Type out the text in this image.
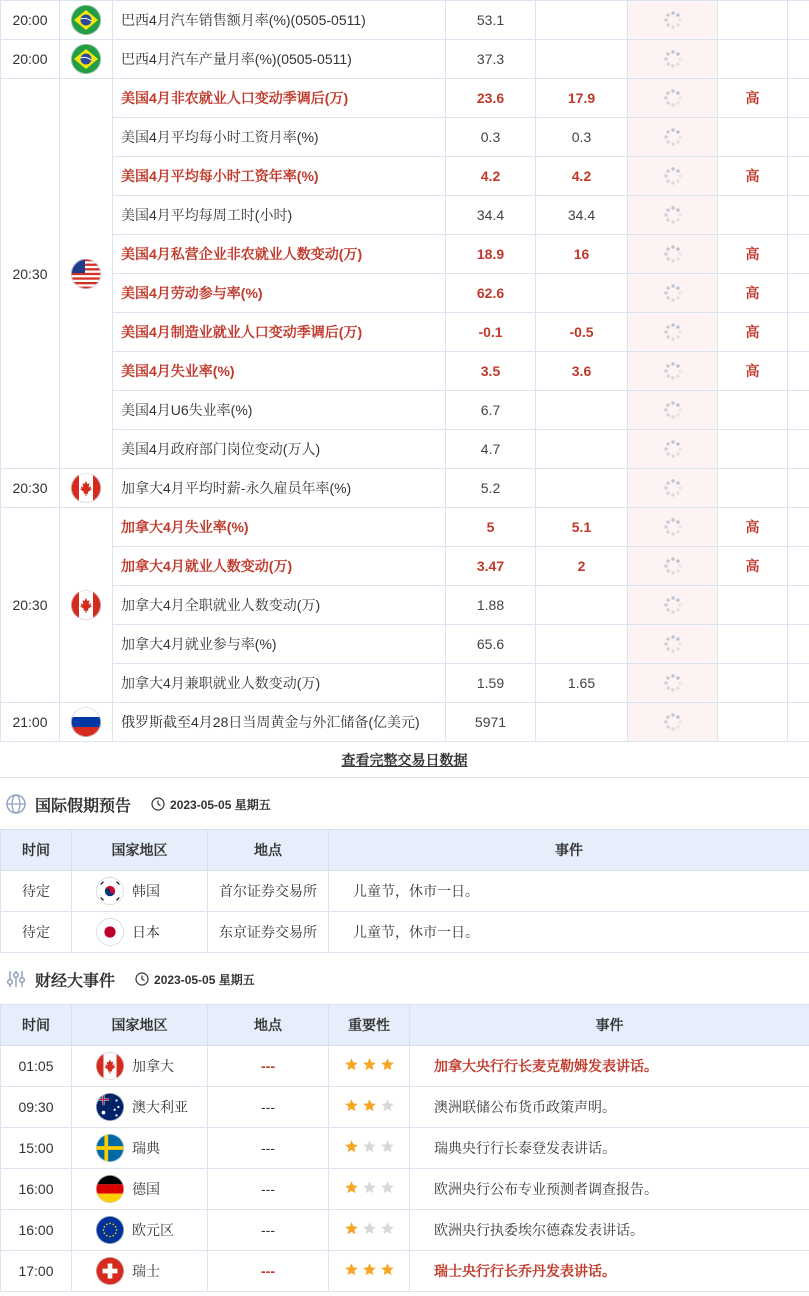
20:00		巴西4月汽车销售额月率(%)(0505-0511)	53.1				
20:00		巴西4月汽车产量月率(%)(0505-0511)	37.3				
20:30		美国4月非农就业人口变动季调后(万)	23.6	17.9		高	
		美国4月平均每小时工资月率(%)	0.3	0.3			
		美国4月平均每小时工资年率(%)	4.2	4.2		高	
		美国4月平均每周工时(小时)	34.4	34.4			
		美国4月私营企业非农就业人数变动(万)	18.9	16		高	
		美国4月劳动参与率(%)	62.6			高	
		美国4月制造业就业人口变动季调后(万)	-0.1	-0.5		高	
		美国4月失业率(%)	3.5	3.6		高	
		美国4月U6失业率(%)	6.7				
		美国4月政府部门岗位变动(万人)	4.7				
20:30		加拿大4月平均时薪-永久雇员年率(%)	5.2				
20:30		加拿大4月失业率(%)	5	5.1		高	
		加拿大4月就业人数变动(万)	3.47	2		高	
		加拿大4月全职就业人数变动(万)	1.88				
		加拿大4月就业参与率(%)	65.6				
		加拿大4月兼职就业人数变动(万)	1.59	1.65			
21:00		俄罗斯截至4月28日当周黄金与外汇储备(亿美元)	5971				
查看完整交易日数据
国际假期预告	2023-05-05 星期五
时间	国家地区	地点	事件
待定	韩国	首尔证券交易所	儿童节，休市一日。
待定	日本	东京证券交易所	儿童节，休市一日。
财经大事件	2023-05-05 星期五
时间	国家地区	地点	重要性	事件
01:05	加拿大	---		加拿大央行行长麦克勒姆发表讲话。
09:30	澳大利亚	---		澳洲联储公布货币政策声明。
15:00	瑞典	---		瑞典央行行长泰登发表讲话。
16:00	德国	---		欧洲央行公布专业预测者调查报告。
16:00	欧元区	---		欧洲央行执委埃尔德森发表讲话。
17:00	瑞士	---		瑞士央行行长乔丹发表讲话。
